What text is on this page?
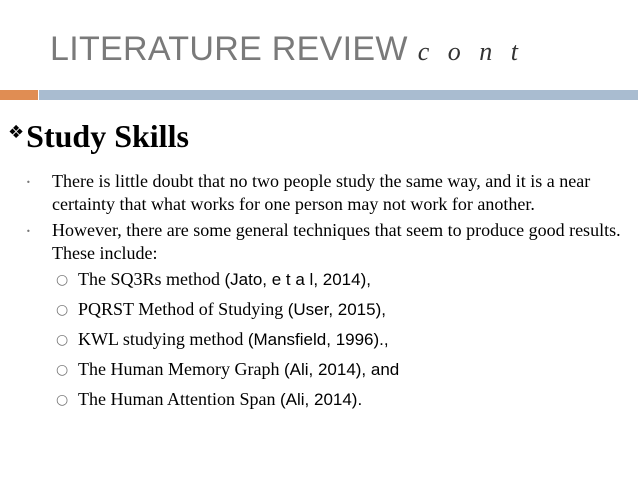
LITERATURE REVIEW c o n t
❖ Study Skills
•	There is little doubt that no two people study the same way, and it is a near certainty that what works for one person may not work for another.
•	However, there are some general techniques that seem to produce good results. These include:
○ The SQ3Rs method (Jato, e t a l, 2014),
○ PQRST Method of Studying (User, 2015),
○ KWL studying method (Mansfield, 1996).,
○ The Human Memory Graph (Ali, 2014), and
○ The Human Attention Span (Ali, 2014).
